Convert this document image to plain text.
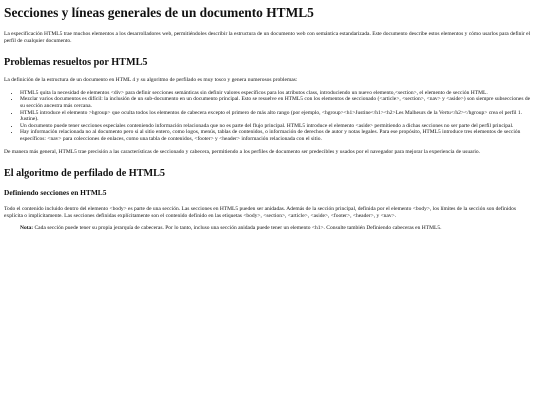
Secciones y líneas generales de un documento HTML5

La especificación HTML5 trae muchos elementos a los desarrolladores web, permitiéndoles describir la estructura de un documento web con semántica estandarizada. Este documento describe estos elementos y cómo usarlos para definir el perfil de cualquier documento.

Problemas resueltos por HTML5

La definición de la estructura de un documento en HTML 4 y su algoritmo de perfilado es muy tosco y genera numerosos problemas:

• HTML5 quita la necesidad de elementos <div> para definir secciones semánticas sin definir valores específicos para los atributos class, introduciendo un nuevo elemento,<section>, el elemento de sección HTML.
• Mezclar varios documentos es difícil: la inclusión de un sub-documento en un documento principal. Esto se resuelve en HTML5 con los elementos de seccionado (<article>, <section>, <nav> y <aside>) son siempre subsecciones de su sección ancestra más cercana.
• HTML5 introduce el elemento >hgroup> que oculta todos los elementos de cabecera excepto el primero de más alto rango (por ejemplo, <hgroup><h1>Justine</h1><h2>Les Malheurs de la Vertu</h2></hgroup> crea el perfil 1. Justine).
• Un documento puede tener secciones especiales conteniendo información relacionada que no es parte del flujo principal. HTML5 introduce el elemento <aside> permitiendo a dichas secciones no ser parte del perfil principal.
• Hay información relacionada no al documento pero si al sitio entero, como logos, menús, tablas de contenidos, o información de derechos de autor y notas legales. Para ese propósito, HTML5 introduce tres elementos de sección específicos: <nav> para colecciones de enlaces, como una tabla de contenidos, <footer> y <header> información relacionada con el sitio.

De manera más general, HTML5 trae precisión a las características de seccionado y cabecera, permitiendo a los perfiles de documento ser predecibles y usados por el navegador para mejorar la experiencia de usuario.

El algoritmo de perfilado de HTML5
Definiendo secciones en HTML5

Todo el contenido incluido dentro del elemento <body> es parte de una sección. Las secciones en HTML5 pueden ser anidadas. Además de la sección principal, definida por el elemento <body>, los límites de la sección son definidos explícita o implícitamente. Las secciones definidas explícitamente son el contenido definido en las etiquetas <body>, <section>, <article>, <aside>, <footer>, <header>, y <nav>.

Nota: Cada sección puede tener su propia jerarquía de cabeceras. Por lo tanto, incluso una sección anidada puede tener un elemento <h1>. Consulte también Definiendo cabeceras en HTML5.
